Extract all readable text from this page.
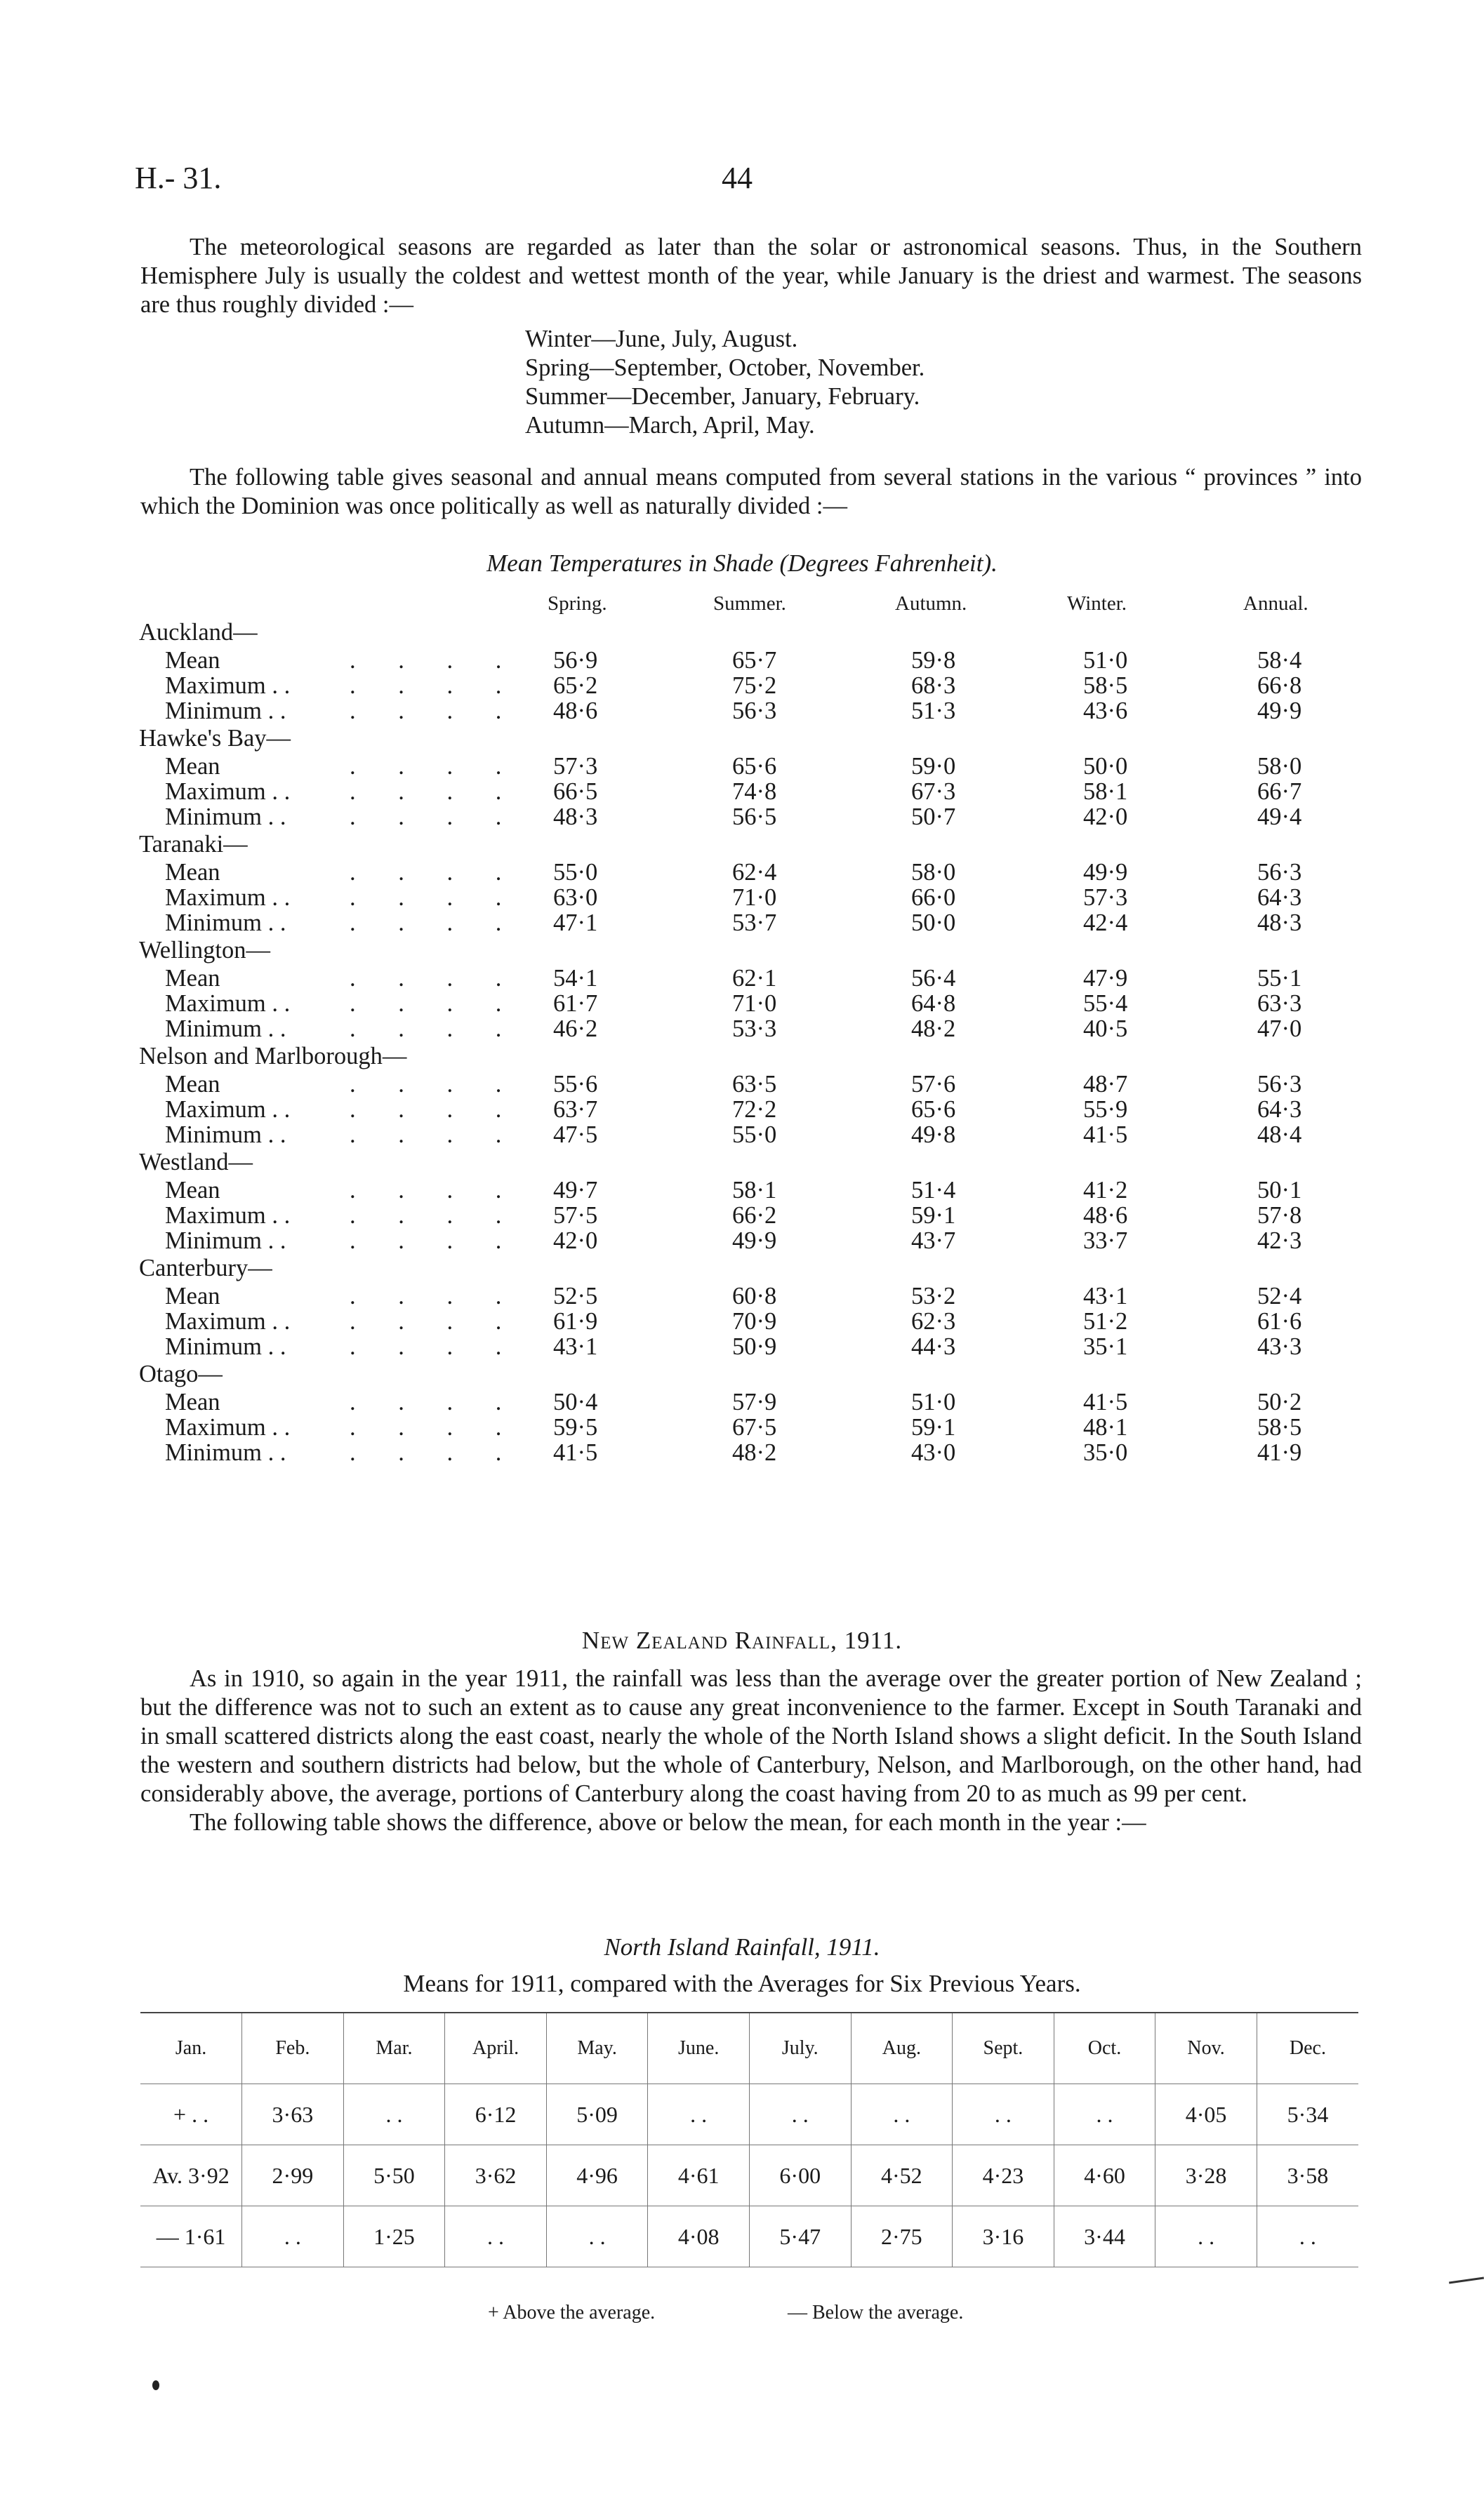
H.- 31.	44

The meteorological seasons are regarded as later than the solar or astronomical seasons. Thus, in the Southern Hemisphere July is usually the coldest and wettest month of the year, while January is the driest and warmest. The seasons are thus roughly divided :—

Winter—June, July, August.
Spring—September, October, November.
Summer—December, January, February.
Autumn—March, April, May.

The following table gives seasonal and annual means computed from several stations in the various “ provinces ” into which the Dominion was once politically as well as naturally divided :—

Mean Temperatures in Shade (Degrees Fahrenheit).
Spring.	Summer.	Autumn.	Winter.	Annual.
Auckland—
Mean	. . . . 56·9	65·7	59·8	51·0	58·4
Maximum . . . . . . 65·2	75·2	68·3	58·5	66·8
Minimum . .	. . . . 48·6	56·3	51·3	43·6	49·9
Hawke's Bay—
Mean	. . . . 57·3	65·6	59·0	50·0	58·0
Maximum . . . . . . 66·5	74·8	67·3	58·1	66·7
Minimum . .	. . . . 48·3	56·5	50·7	42·0	49·4
Taranaki—
Mean	. . . . 55·0	62·4	58·0	49·9	56·3
Maximum . . . . . . 63·0	71·0	66·0	57·3	64·3
Minimum . .	. . . . 47·1	53·7	50·0	42·4	48·3
Wellington—
Mean	. . . . 54·1	62·1	56·4	47·9	55·1
Maximum . . . . . . 61·7	71·0	64·8	55·4	63·3
Minimum . .	. . . . 46·2	53·3	48·2	40·5	47·0
Nelson and Marlborough—
Mean	. . . . 55·6	63·5	57·6	48·7	56·3
Maximum . . . . . . 63·7	72·2	65·6	55·9	64·3
Minimum . .	. . . . 47·5	55·0	49·8	41·5	48·4
Westland—
Mean	. . . . 49·7	58·1	51·4	41·2	50·1
Maximum . . . . . . 57·5	66·2	59·1	48·6	57·8
Minimum . .	. . . . 42·0	49·9	43·7	33·7	42·3
Canterbury—
Mean	. . . . 52·5	60·8	53·2	43·1	52·4
Maximum . . . . . . 61·9	70·9	62·3	51·2	61·6
Minimum . .	. . . . 43·1	50·9	44·3	35·1	43·3
Otago—
Mean	. . . . 50·4	57·9	51·0	41·5	50·2
Maximum . . . . . . 59·5	67·5	59·1	48·1	58·5
Minimum . .	. . . . 41·5	48·2	43·0	35·0	41·9
New Zealand Rainfall, 1911.

As in 1910, so again in the year 1911, the rainfall was less than the average over the greater portion of New Zealand ; but the difference was not to such an extent as to cause any great inconvenience to the farmer. Except in South Taranaki and in small scattered districts along the east coast, nearly the whole of the North Island shows a slight deficit. In the South Island the western and southern districts had below, but the whole of Canterbury, Nelson, and Marlborough, on the other hand, had considerably above, the average, portions of Canterbury along the coast having from 20 to as much as 99 per cent.

The following table shows the difference, above or below the mean, for each month in the year :—

North Island Rainfall, 1911.
Means for 1911, compared with the Averages for Six Previous Years.
Jan.	Feb.	Mar.	April.	May.	June.	July.	Aug.	Sept.	Oct.	Nov.	Dec.
+ . .	3·63	. .	6·12	5·09	. .	. .	. .	. .	. .	4·05	5·34
Av. 3·92	2·99	5·50	3·62	4·96	4·61	6·00	4·52	4·23	4·60	3·28	3·58
— 1·61	. .	1·25	. .	. .	4·08	5·47	2·75	3·16	3·44	. .	. .
+ Above the average.	— Below the average.
